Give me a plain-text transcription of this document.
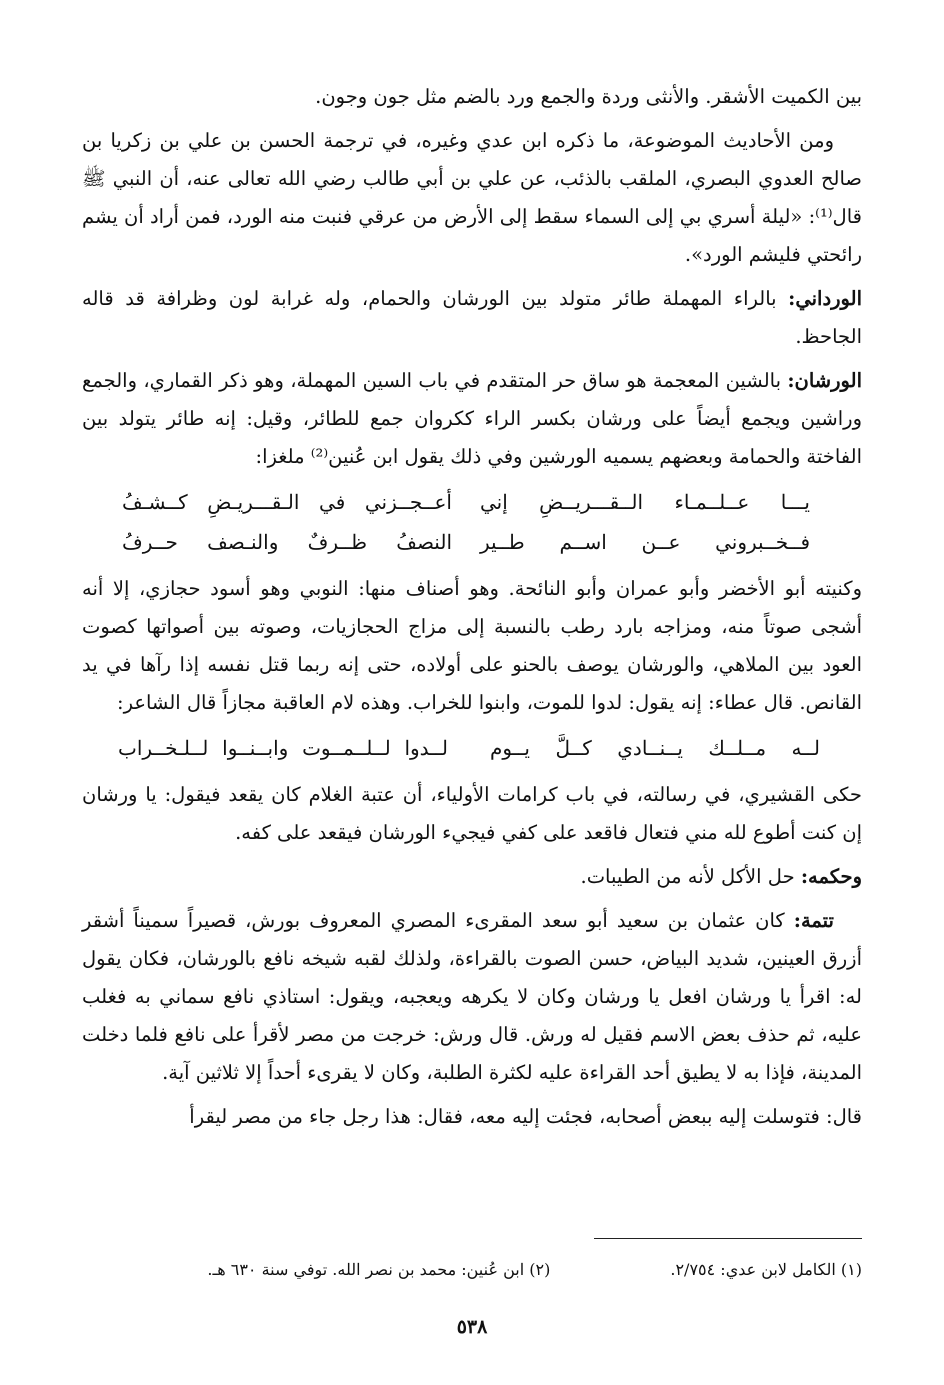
بين الكميت الأشقر. والأنثى وردة والجمع ورد بالضم مثل جون وجون.

ومن الأحاديث الموضوعة، ما ذكره ابن عدي وغيره، في ترجمة الحسن بن علي بن زكريا بن صالح العدوي البصري، الملقب بالذئب، عن علي بن أبي طالب رضي الله تعالى عنه، أن النبي ﷺ قال⁽¹⁾: «ليلة أسري بي إلى السماء سقط إلى الأرض من عرقي فنبت منه الورد، فمن أراد أن يشم رائحتي فليشم الورد».

الورداني: بالراء المهملة طائر متولد بين الورشان والحمام، وله غرابة لون وظرافة قد قاله الجاحظ.

الورشان: بالشين المعجمة هو ساق حر المتقدم في باب السين المهملة، وهو ذكر القماري، والجمع وراشين ويجمع أيضاً على ورشان بكسر الراء ككروان جمع للطائر، وقيل: إنه طائر يتولد بين الفاختة والحمامة وبعضهم يسميه الورشين وفي ذلك يقول ابن عُنين⁽²⁾ ملغزا:

يـــا عــلــمـاء الــقـــريــضِ إني
أعــجــزني في الـقـــريـضِ كــشـفُ
فــخــبروني عــن اســم طــير
النصفُ ظــرفٌ والنـصف حــرفُ

وكنيته أبو الأخضر وأبو عمران وأبو النائحة. وهو أصناف منها: النوبي وهو أسود حجازي، إلا أنه أشجى صوتاً منه، ومزاجه بارد رطب بالنسبة إلى مزاج الحجازيات، وصوته بين أصواتها كصوت العود بين الملاهي، والورشان يوصف بالحنو على أولاده، حتى إنه ربما قتل نفسه إذا رآها في يد القانص. قال عطاء: إنه يقول: لدوا للموت، وابنوا للخراب. وهذه لام العاقبة مجازاً قال الشاعر:

لــه مــلــك يــنــادي كــلَّ يــوم
لــدوا لــلــمــوت وابــنــوا لــلـخــراب

حكى القشيري، في رسالته، في باب كرامات الأولياء، أن عتبة الغلام كان يقعد فيقول: يا ورشان إن كنت أطوع لله مني فتعال فاقعد على كفي فيجيء الورشان فيقعد على كفه.

وحكمه: حل الأكل لأنه من الطيبات.

تتمة: كان عثمان بن سعيد أبو سعد المقرىء المصري المعروف بورش، قصيراً سميناً أشقر أزرق العينين، شديد البياض، حسن الصوت بالقراءة، ولذلك لقبه شيخه نافع بالورشان، فكان يقول له: اقرأ يا ورشان افعل يا ورشان وكان لا يكرهه ويعجبه، ويقول: استاذي نافع سماني به فغلب عليه، ثم حذف بعض الاسم فقيل له ورش. قال ورش: خرجت من مصر لأقرأ على نافع فلما دخلت المدينة، فإذا به لا يطيق أحد القراءة عليه لكثرة الطلبة، وكان لا يقرىء أحداً إلا ثلاثين آية.

قال: فتوسلت إليه ببعض أصحابه، فجئت إليه معه، فقال: هذا رجل جاء من مصر ليقرأ

(١) الكامل لابن عدي: ٢/٧٥٤.
(٢) ابن عُنين: محمد بن نصر الله. توفي سنة ٦٣٠ هـ.
٥٣٨
